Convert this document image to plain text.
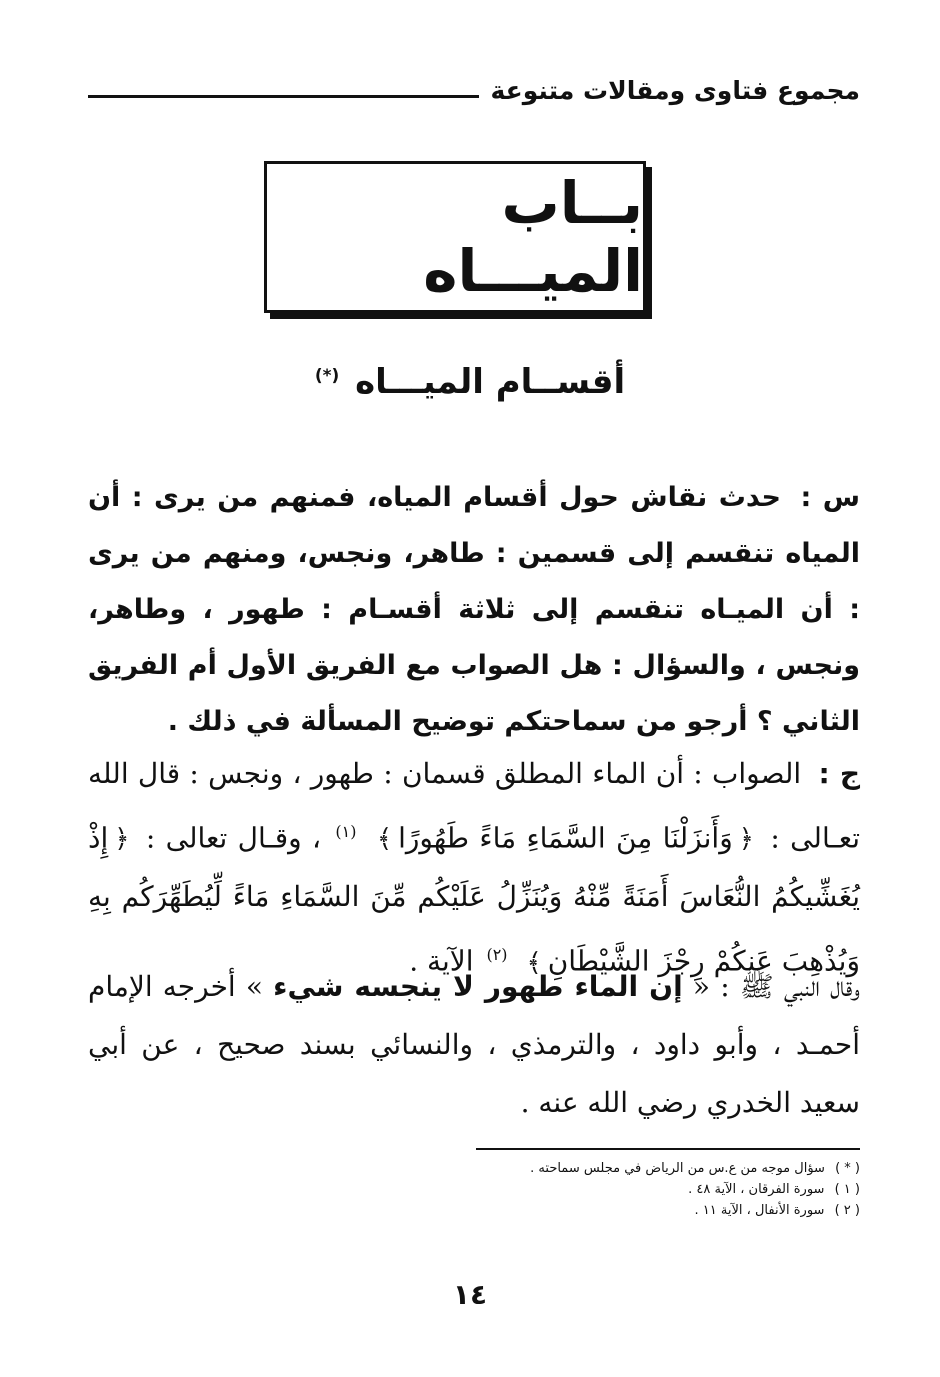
مجموع فتاوى ومقالات متنوعة
بــاب الميـــاه
أقســام الميـــاه (*)
س : حدث نقاش حول أقسام المياه، فمنهم من يرى : أن المياه تنقسم إلى قسمين : طاهر، ونجس، ومنهم من يرى : أن الميـاه تنقسم إلى ثلاثة أقسـام : طهور ، وطاهر، ونجس ، والسؤال : هل الصواب مع الفريق الأول أم الفريق الثاني ؟ أرجو من سماحتكم توضيح المسألة في ذلك .
ج : الصواب : أن الماء المطلق قسمان : طهور ، ونجس : قال الله تعـالى : ﴿وَأَنزَلْنَا مِنَ السَّمَاءِ مَاءً طَهُورًا﴾ $^{(١)}$ ، وقـال تعالى : ﴿إِذْ يُغَشِّيكُمُ النُّعَاسَ أَمَنَةً مِّنْهُ وَيُنَزِّلُ عَلَيْكُم مِّنَ السَّمَاءِ مَاءً لِّيُطَهِّرَكُم بِهِ وَيُذْهِبَ عَنكُمْ رِجْزَ الشَّيْطَانِ﴾ $^{(٢)}$ الآية .
وقال النبي ﷺ : « إن الماء طهور لا ينجسه شيء » أخرجه الإمام أحمـد ، وأبو داود ، والترمذي ، والنسائي بسند صحيح ، عن أبي سعيد الخدري رضي الله عنه .
( * ) سؤال موجه من ع.س من الرياض في مجلس سماحته .
( ١ ) سورة الفرقان ، الآية ٤٨ .
( ٢ ) سورة الأنفال ، الآية ١١ .
١٤
